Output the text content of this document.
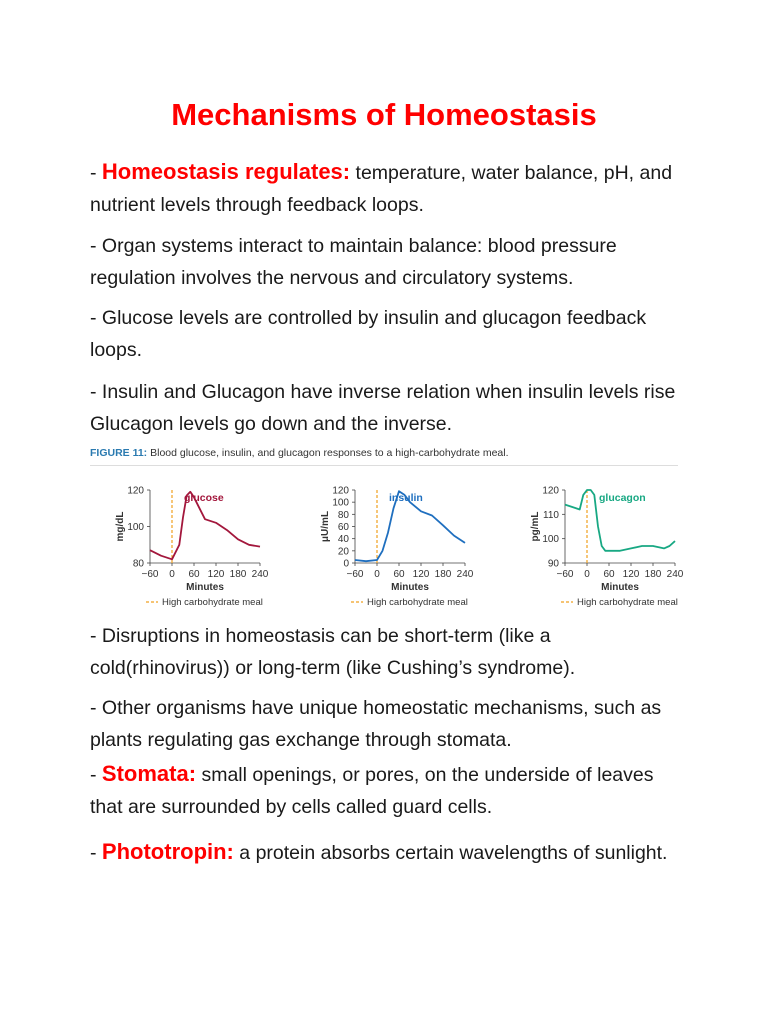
Mechanisms of Homeostasis

- Homeostasis regulates: temperature, water balance, pH, and nutrient levels through feedback loops.

- Organ systems interact to maintain balance: blood pressure regulation involves the nervous and circulatory systems.

- Glucose levels are controlled by insulin and glucagon feedback loops.

- Insulin and Glucagon have inverse relation when insulin levels rise Glucagon levels go down and the inverse.

FIGURE 11: Blood glucose, insulin, and glucagon responses to a high-carbohydrate meal.
−60 0 60 120 180 240
80
100
120
Minutes
mg/dL
glucose
High carbohydrate meal
−60 0 60 120 180 240
0
20
40
60
80
100
120
Minutes
μU/mL
insulin
High carbohydrate meal
−60 0 60 120 180 240
90
100
110
120
Minutes
pg/mL
glucagon
High carbohydrate meal

- Disruptions in homeostasis can be short-term (like a cold(rhinovirus)) or long-term (like Cushing’s syndrome).

- Other organisms have unique homeostatic mechanisms, such as plants regulating gas exchange through stomata.

- Stomata: small openings, or pores, on the underside of leaves that are surrounded by cells called guard cells.

- Phototropin: a protein absorbs certain wavelengths of sunlight.
